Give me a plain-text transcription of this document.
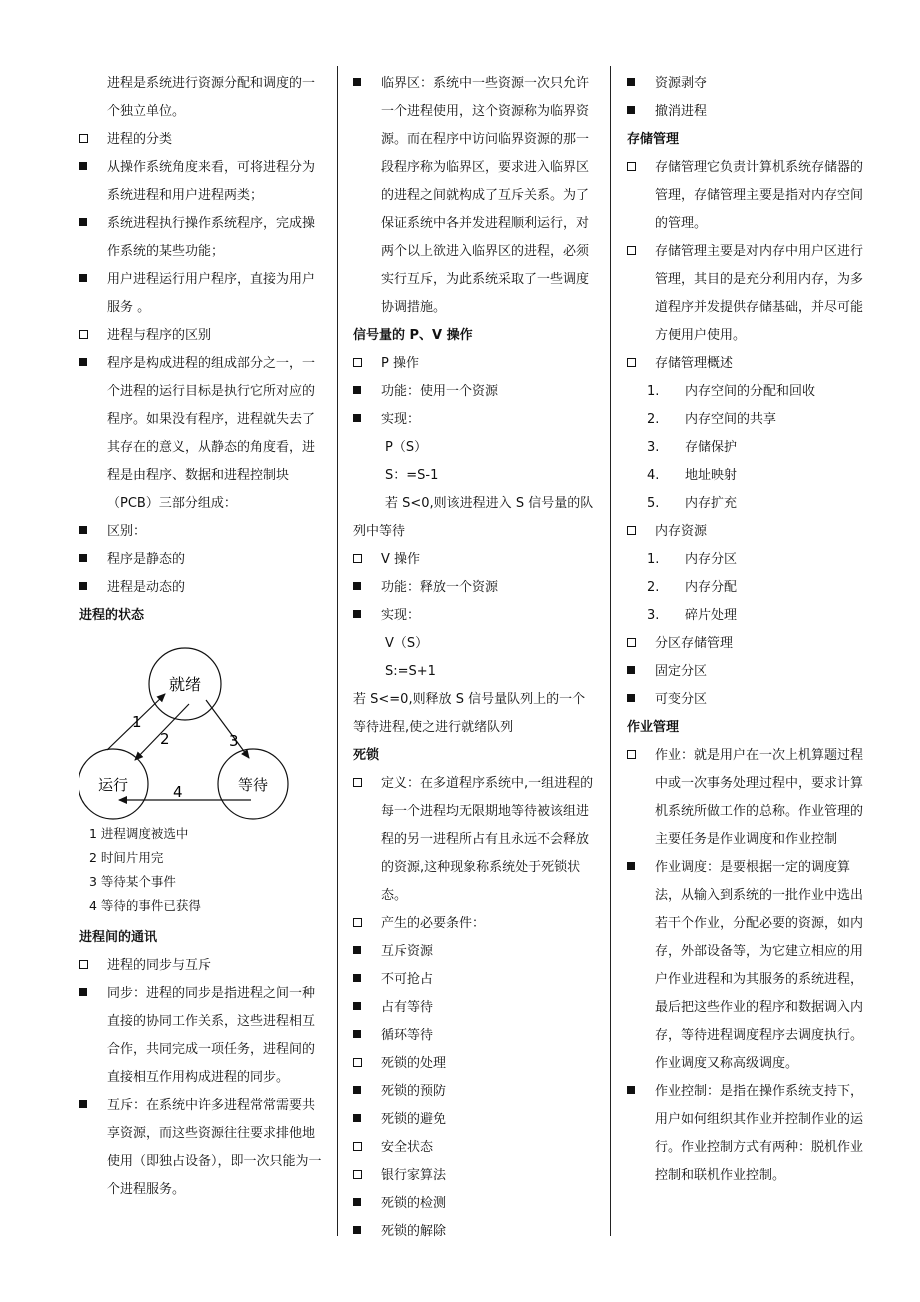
进程是系统进行资源分配和调度的一个独立单位。
进程的分类
从操作系统角度来看，可将进程分为系统进程和用户进程两类；
系统进程执行操作系统程序，完成操作系统的某些功能；
用户进程运行用户程序，直接为用户服务 。
进程与程序的区别
程序是构成进程的组成部分之一，一个进程的运行目标是执行它所对应的程序。如果没有程序，进程就失去了其存在的意义，从静态的角度看，进程是由程序、数据和进程控制块（PCB）三部分组成：
区别：
程序是静态的
进程是动态的
进程的状态
就绪
运行	等待
1
2	3
4
1 进程调度被选中
2 时间片用完
3 等待某个事件
4 等待的事件已获得
进程间的通讯
进程的同步与互斥
同步：进程的同步是指进程之间一种直接的协同工作关系，这些进程相互合作，共同完成一项任务，进程间的直接相互作用构成进程的同步。
互斥：在系统中许多进程常常需要共享资源，而这些资源往往要求排他地使用（即独占设备），即一次只能为一个进程服务。
临界区：系统中一些资源一次只允许一个进程使用，这个资源称为临界资源。而在程序中访问临界资源的那一段程序称为临界区，要求进入临界区的进程之间就构成了互斥关系。为了保证系统中各并发进程顺利运行，对两个以上欲进入临界区的进程，必须实行互斥，为此系统采取了一些调度协调措施。
信号量的 P、V 操作
P 操作
功能：使用一个资源
实现：
P（S）
S：=S-1
若 S<0,则该进程进入 S 信号量的队列中等待
V 操作
功能：释放一个资源
实现：
V（S）
S:=S+1
若 S<=0,则释放 S 信号量队列上的一个等待进程,使之进行就绪队列
死锁
定义：在多道程序系统中,一组进程的每一个进程均无限期地等待被该组进程的另一进程所占有且永远不会释放的资源,这种现象称系统处于死锁状态。
产生的必要条件：
互斥资源
不可抢占
占有等待
循环等待
死锁的处理
死锁的预防
死锁的避免
安全状态
银行家算法
死锁的检测
死锁的解除
资源剥夺
撤消进程
存储管理
存储管理它负责计算机系统存储器的管理，存储管理主要是指对内存空间的管理。
存储管理主要是对内存中用户区进行管理，其目的是充分利用内存，为多道程序并发提供存储基础，并尽可能方便用户使用。
存储管理概述
1. 内存空间的分配和回收
2. 内存空间的共享
3. 存储保护
4. 地址映射
5. 内存扩充
内存资源
1. 内存分区
2. 内存分配
3. 碎片处理
分区存储管理
固定分区
可变分区
作业管理
作业：就是用户在一次上机算题过程中或一次事务处理过程中，要求计算机系统所做工作的总称。作业管理的主要任务是作业调度和作业控制
作业调度：是要根据一定的调度算法，从输入到系统的一批作业中选出若干个作业，分配必要的资源，如内存，外部设备等，为它建立相应的用户作业进程和为其服务的系统进程，最后把这些作业的程序和数据调入内存，等待进程调度程序去调度执行。作业调度又称高级调度。
作业控制：是指在操作系统支持下，用户如何组织其作业并控制作业的运行。作业控制方式有两种：脱机作业控制和联机作业控制。
